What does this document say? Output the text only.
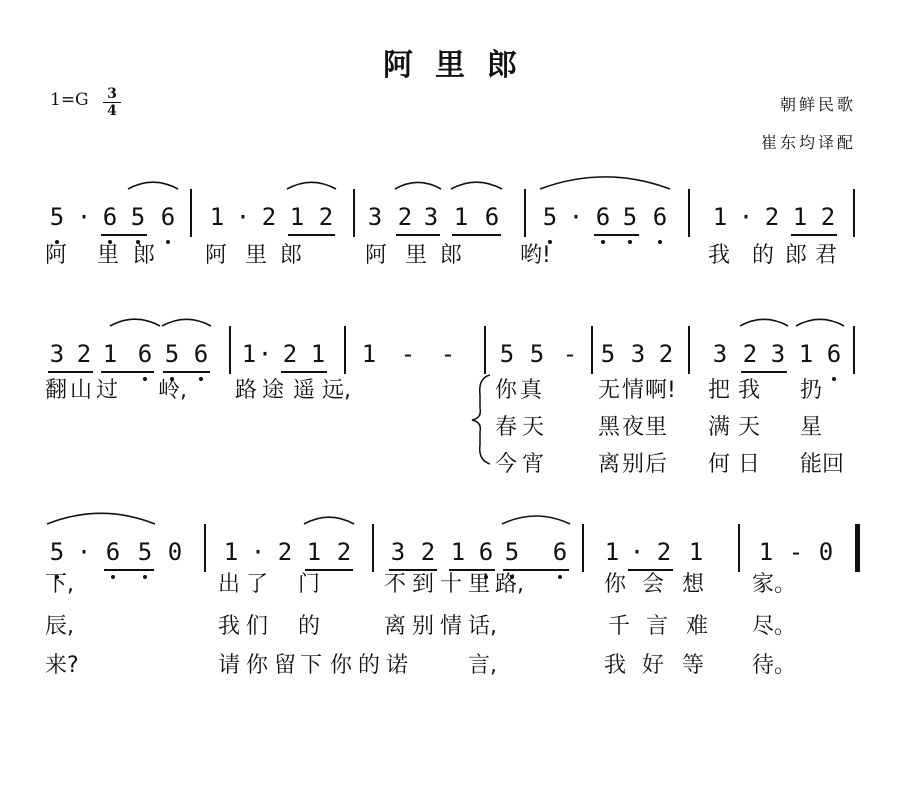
阿里郎
$1=G \frac{3}{4}$	朝鲜民歌
崔东均译配
5 · 6 5 6 1 · 2 1 2 3 2 3 1 6 5 · 6 5 6 1 · 2 1 2
3 2 1 6 5 6 1 · 2 1 1 - - 5 5 - 5 3 2 3 2 3 1 6
5 · 6 5 0 1 · 2 1 2 3 2 1 6 5 6 1 · 2 1 1 - 0
阿 里 郎 阿 里 郎	阿 里 郎	哟!	我 的 郎 君
翻 山 过 岭, 路 途 遥 远,	你 真	无 情 啊! 把 我 扔
春 天 黑 夜 里 满 天 星
今 宵 离 别 后 何 日 能 回
下,	出 了 门	不 到 十 里 路,	你 会 想 家。
辰,	我 们 的	离 别 情 话,	千 言 难 尽。
来?	请 你 留 下 你 的 诺	言,	我 好 等 待。
